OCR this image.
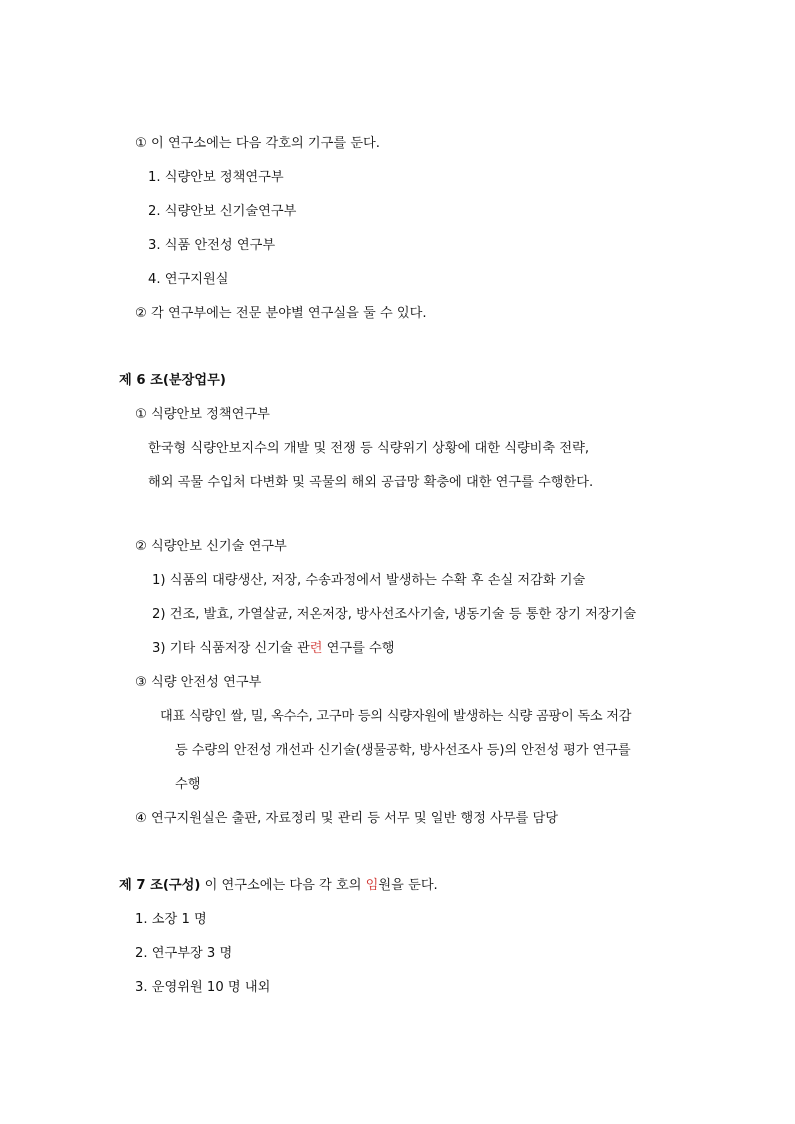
① 이 연구소에는 다음 각호의 기구를 둔다.
1. 식량안보 정책연구부
2. 식량안보 신기술연구부
3. 식품 안전성 연구부
4. 연구지원실
② 각 연구부에는 전문 분야별 연구실을 둘 수 있다.
제 6 조(분장업무)
① 식량안보 정책연구부
한국형 식량안보지수의 개발 및 전쟁 등 식량위기 상황에 대한 식량비축 전략,
해외 곡물 수입처 다변화 및 곡물의 해외 공급망 확충에 대한 연구를 수행한다.
② 식량안보 신기술 연구부
1) 식품의 대량생산, 저장, 수송과정에서 발생하는 수확 후 손실 저감화 기술
2) 건조, 발효, 가열살균, 저온저장, 방사선조사기술, 냉동기술 등 통한 장기 저장기술
3) 기타 식품저장 신기술 관련 연구를 수행
③ 식량 안전성 연구부
대표 식량인 쌀, 밀, 옥수수, 고구마 등의 식량자원에 발생하는 식량 곰팡이 독소 저감
등 수량의 안전성 개선과 신기술(생물공학, 방사선조사 등)의 안전성 평가 연구를
수행
④ 연구지원실은 출판, 자료정리 및 관리 등 서무 및 일반 행정 사무를 담당
제 7 조(구성) 이 연구소에는 다음 각 호의 임원을 둔다.
1. 소장 1 명
2. 연구부장 3 명
3. 운영위원 10 명 내외
